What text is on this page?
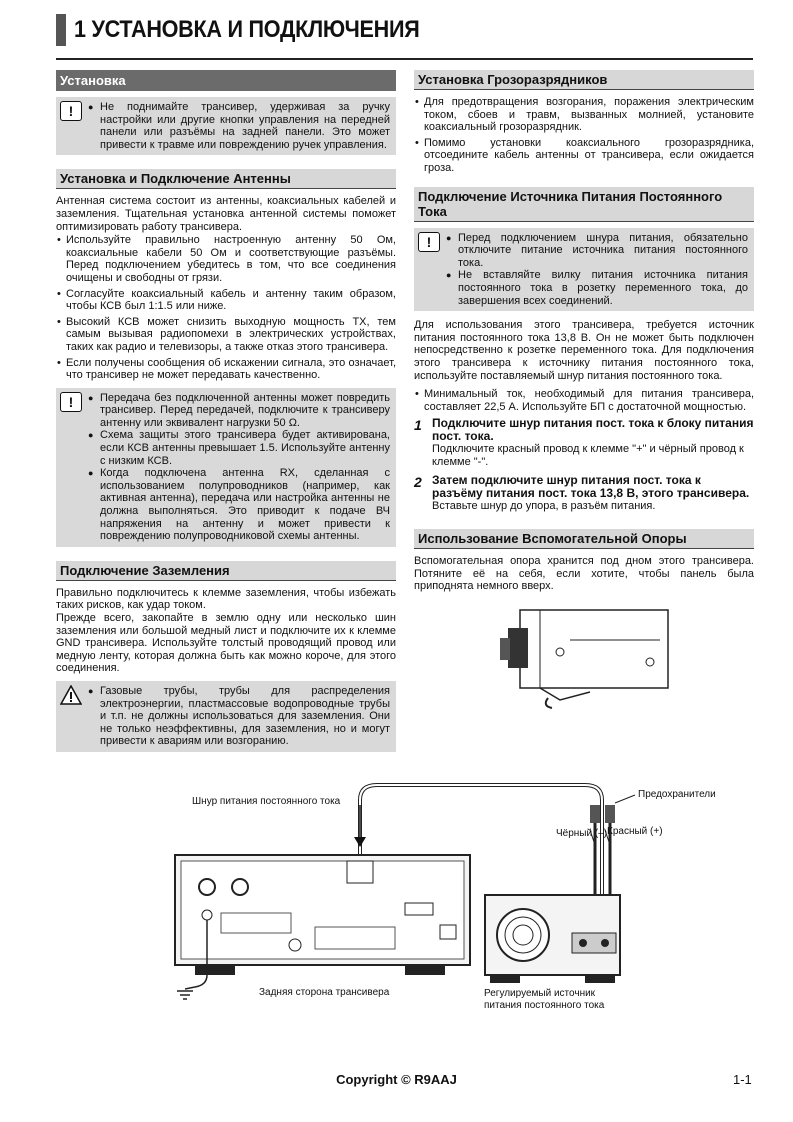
1 УСТАНОВКА И ПОДКЛЮЧЕНИЯ
Установка
!	● Не поднимайте трансивер, удерживая за ручку настройки или другие кнопки управления на передней панели или разъёмы на задней панели. Это может привести к травме или повреждению ручек управления.
Установка и Подключение Антенны

Антенная система состоит из антенны, коаксиальных кабелей и заземления. Тщательная установка антенной системы поможет оптимизировать работу трансивера.

• Используйте правильно настроенную антенну 50 Ом, коаксиальные кабели 50 Ом и соответствующие разъёмы. Перед подключением убедитесь в том, что все соединения очищены и свободны от грязи.
• Согласуйте коаксиальный кабель и антенну таким образом, чтобы КСВ был 1:1.5 или ниже.
• Высокий КСВ может снизить выходную мощность TX, тем самым вызывая радиопомехи в электрических устройствах, таких как радио и телевизоры, а также отказ этого трансивера.
• Если получены сообщения об искажении сигнала, это означает, что трансивер не может передавать качественно.
!	● Передача без подключенной антенны может повредить трансивер. Перед передачей, подключите к трансиверу антенну или эквивалент нагрузки 50 Ω.
● Схема защиты этого трансивера будет активирована, если КСВ антенны превышает 1.5. Используйте антенну с низким КСВ.
● Когда подключена антенна RX, сделанная с использованием полупроводников (например, как активная антенна), передача или настройка антенны не должна выполняться. Это приводит к подаче ВЧ напряжения на антенну и может привести к повреждению полупроводниковой схемы антенны.
Подключение Заземления

Правильно подключитесь к клемме заземления, чтобы избежать таких рисков, как удар током.

Прежде всего, закопайте в землю одну или несколько шин заземления или большой медный лист и подключите их к клемме GND трансивера. Используйте толстый проводящий провод или медную ленту, которая должна быть как можно короче, для этого соединения.

● Газовые трубы, трубы для распределения электроэнергии, пластмассовые водопроводные трубы и т.п. не должны использоваться для заземления. Они не только неэффективны, для заземления, но и могут привести к авариям или возгоранию.
Установка Грозоразрядников
• Для предотвращения возгорания, поражения электрическим током, сбоев и травм, вызванных молнией, установите коаксиальный грозоразрядник.
• Помимо установки коаксиального грозоразрядника, отсоедините кабель антенны от трансивера, если ожидается гроза.
Подключение Источника Питания Постоянного Тока
!	● Перед подключением шнура питания, обязательно отключите питание источника питания постоянного тока.
● Не вставляйте вилку питания источника питания постоянного тока в розетку переменного тока, до завершения всех соединений.

Для использования этого трансивера, требуется источник питания постоянного тока 13,8 В. Он не может быть подключен непосредственно к розетке переменного тока. Для подключения этого трансивера к источнику питания постоянного тока, используйте поставляемый шнур питания постоянного тока.

• Минимальный ток, необходимый для питания трансивера, составляет 22,5 А. Используйте БП с достаточной мощностью.
1 Подключите шнур питания пост. тока к блоку питания пост. тока.
Подключите красный провод к клемме "+" и чёрный провод к клемме "-".
2 Затем подключите шнур питания пост. тока к разъёму питания пост. тока 13,8 В, этого трансивера.
Вставьте шнур до упора, в разъём питания.
Использование Вспомогательной Опоры

Вспомогательная опора хранится под дном этого трансивера. Потяните её на себя, если хотите, чтобы панель была приподнята немного вверх.

Шнур питания постоянного тока
Предохранители
Чёрный (–) Красный (+)
Задняя сторона трансивера	Регулируемый источник
питания постоянного тока
Copyright © R9AAJ	1-1
